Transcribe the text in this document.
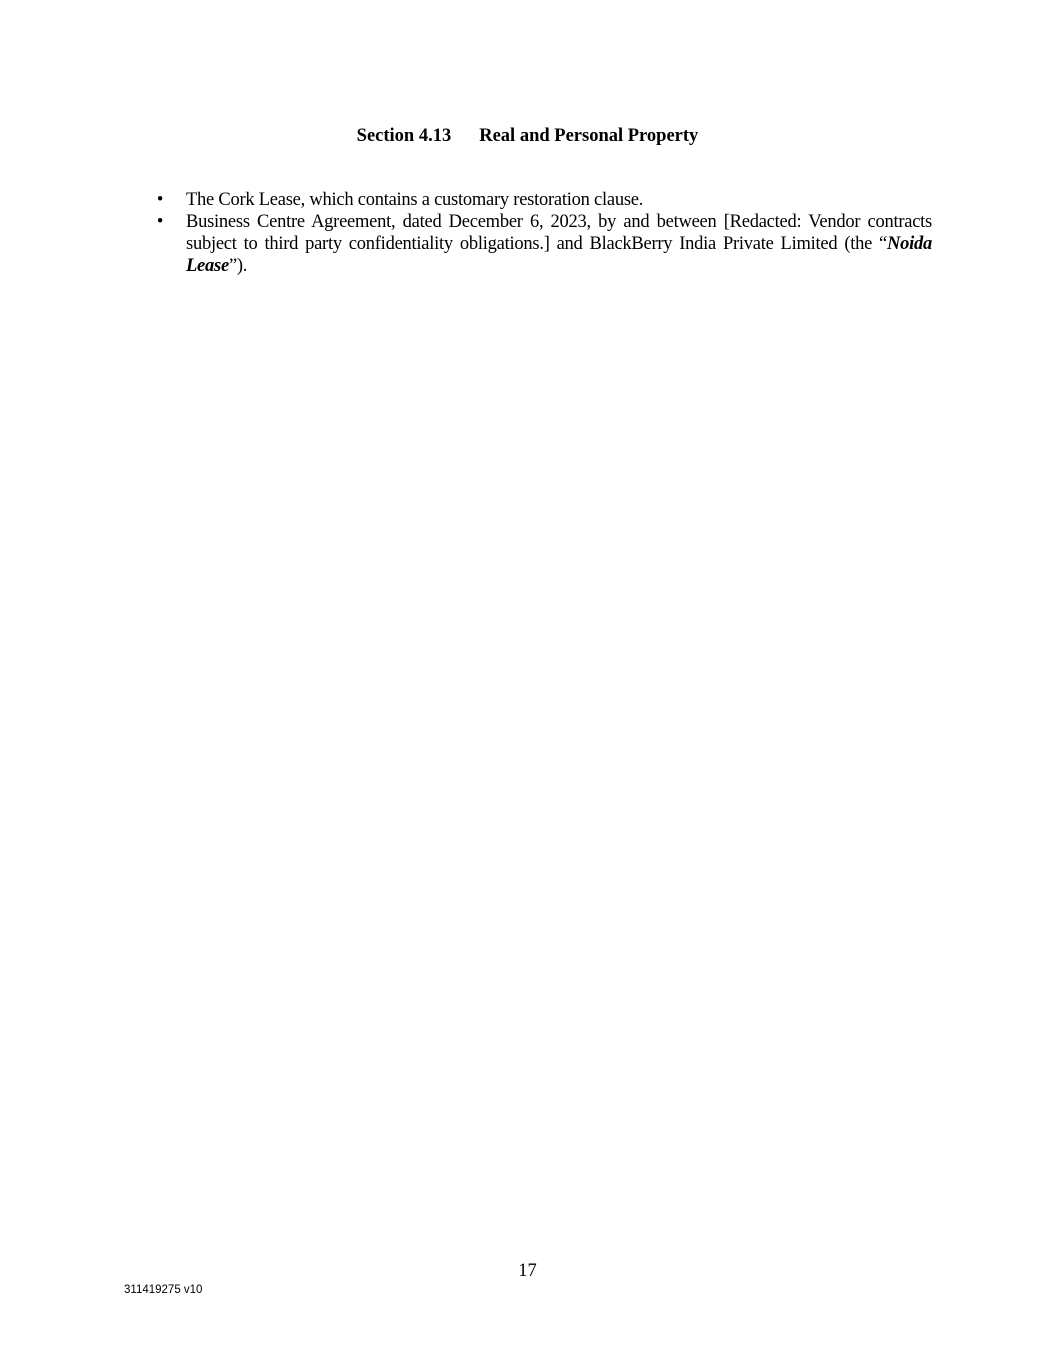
Section 4.13 Real and Personal Property
• The Cork Lease, which contains a customary restoration clause.
• Business Centre Agreement, dated December 6, 2023, by and between [Redacted: Vendor contracts subject to third party confidentiality obligations.] and BlackBerry India Private Limited (the “Noida Lease”).
17
311419275 v10
